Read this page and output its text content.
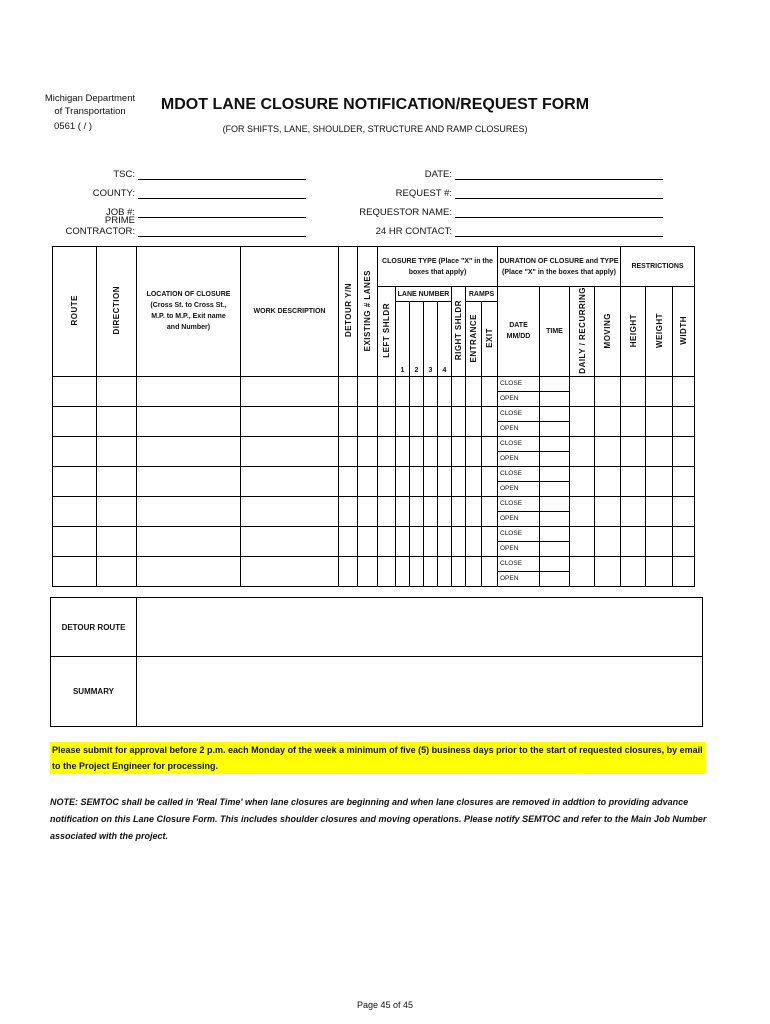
Michigan Department
of Transportation
0561 ( / )
MDOT LANE CLOSURE NOTIFICATION/REQUEST FORM
(FOR SHIFTS, LANE, SHOULDER, STRUCTURE AND RAMP CLOSURES)
TSC:
COUNTY:
JOB #:
PRIME CONTRACTOR:
DATE:
REQUEST #:
REQUESTOR NAME:
24 HR CONTACT:
ROUTE	DIRECTION	LOCATION OF CLOSURE (Cross St. to Cross St., M.P. to M.P., Exit name and Number)	WORK DESCRIPTION	DETOUR Y/N	EXISTING # LANES	CLOSURE TYPE (Place "X" in the boxes that apply)								DURATION OF CLOSURE and TYPE (Place "X" in the boxes that apply)				RESTRICTIONS		
						LEFT SHLDR	LANE NUMBER				RIGHT SHLDR	RAMPS		DATE MM/DD	TIME	DAILY / RECURRING	MOVING	HEIGHT	WEIGHT	WIDTH
							1	2	3	4		ENTRANCE	EXIT							
														CLOSE						
														OPEN						
														CLOSE						
														OPEN						
														CLOSE						
														OPEN						
														CLOSE						
														OPEN						
														CLOSE						
														OPEN						
														CLOSE						
														OPEN						
														CLOSE						
														OPEN						
DETOUR ROUTE	
SUMMARY	
Please submit for approval before 2 p.m. each Monday of the week a minimum of five (5) business days prior to the start of requested closures, by email to the Project Engineer for processing.
NOTE: SEMTOC shall be called in 'Real Time' when lane closures are beginning and when lane closures are removed in addtion to providing advance notification on this Lane Closure Form. This includes shoulder closures and moving operations. Please notify SEMTOC and refer to the Main Job Number associated with the project.
Page 45 of 45
